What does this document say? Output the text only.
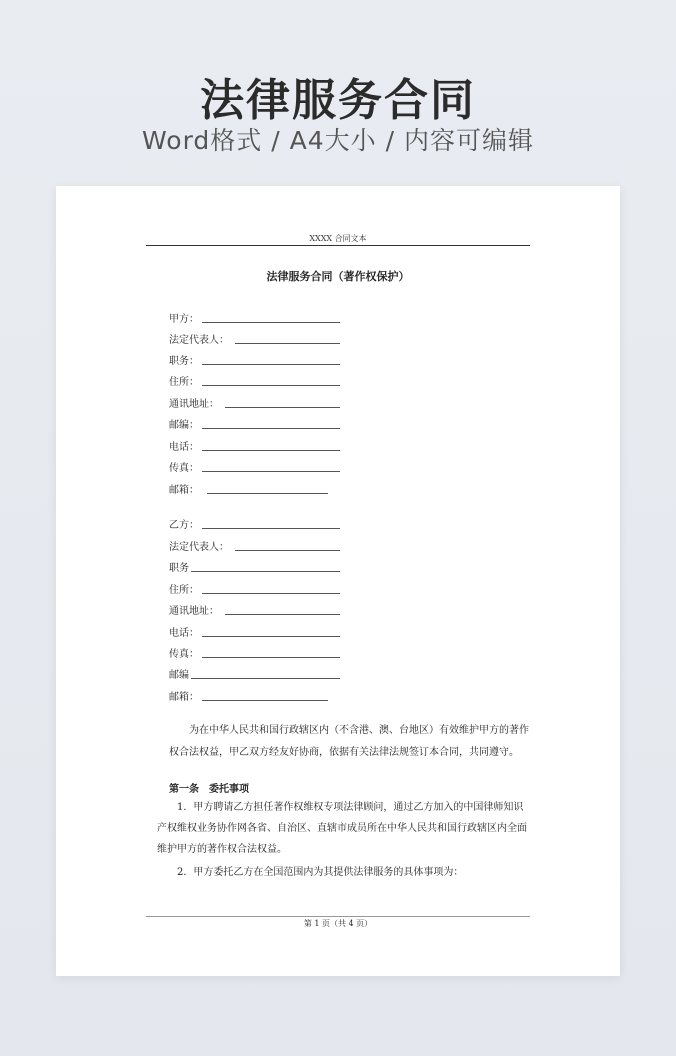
法律服务合同
Word格式 / A4大小 / 内容可编辑
XXXX 合同文本
法律服务合同（著作权保护）
甲方：
法定代表人：
职务：
住所：
通讯地址：
邮编：
电话：
传真：
邮箱：
乙方：
法定代表人：
职务
住所：
通讯地址：
电话：
传真：
邮编
邮箱：
为在中华人民共和国行政辖区内（不含港、澳、台地区）有效维护甲方的著作权合法权益，甲乙双方经友好协商，依据有关法律法规签订本合同，共同遵守。
第一条　委托事项
1．甲方聘请乙方担任著作权维权专项法律顾问，通过乙方加入的中国律师知识产权维权业务协作网各省、自治区、直辖市成员所在中华人民共和国行政辖区内全面维护甲方的著作权合法权益。
2．甲方委托乙方在全国范围内为其提供法律服务的具体事项为：
第 1 页（共 4 页）
